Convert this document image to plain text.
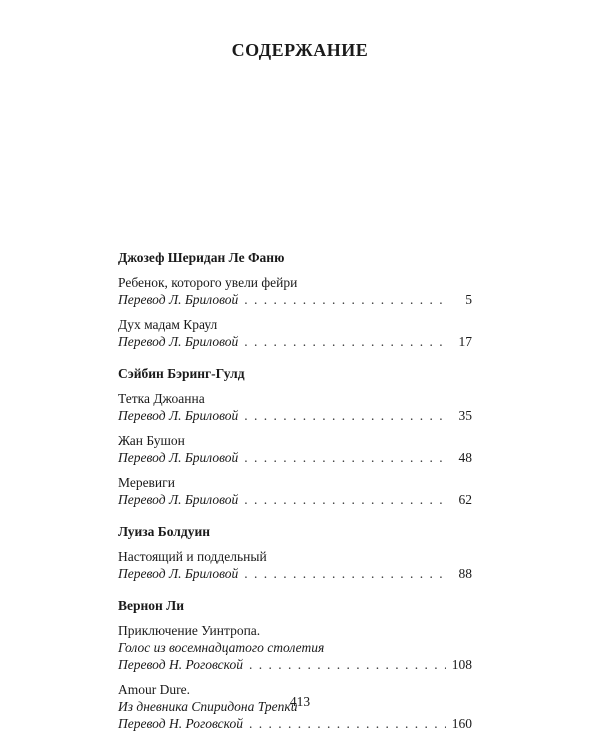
СОДЕРЖАНИЕ
Джозеф Шеридан Ле Фаню
Ребенок, которого увели фейри
Перевод Л. Бриловой . . .	5
Дух мадам Краул
Перевод Л. Бриловой . . .	17
Сэйбин Бэринг-Гулд
Тетка Джоанна
Перевод Л. Бриловой . . .	35
Жан Бушон
Перевод Л. Бриловой . . .	48
Меревиги
Перевод Л. Бриловой . . .	62
Луиза Болдуин
Настоящий и поддельный
Перевод Л. Бриловой . . .	88
Вернон Ли
Приключение Уинтропа.
Голос из восемнадцатого столетия
Перевод Н. Роговской . . .	108
Amour Dure.
Из дневника Спиридона Трепки
Перевод Н. Роговской . . .	160
413
